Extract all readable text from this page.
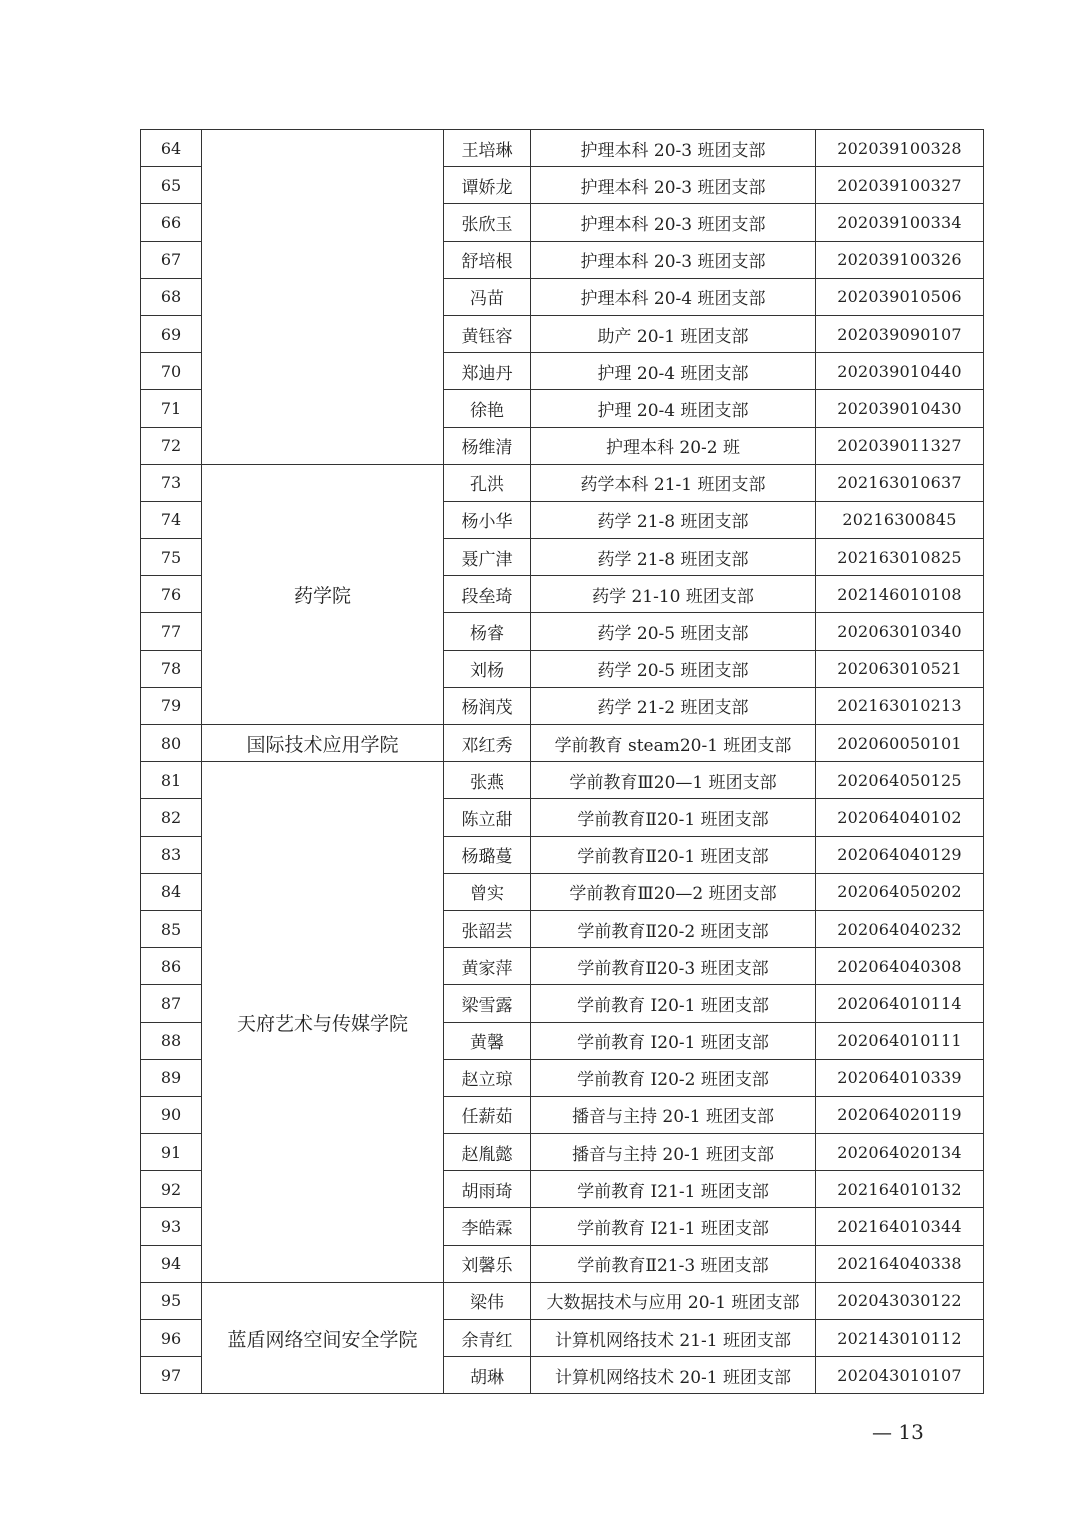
64		王培琳	护理本科 20-3 班团支部	202039100328
65		谭娇龙	护理本科 20-3 班团支部	202039100327
66		张欣玉	护理本科 20-3 班团支部	202039100334
67		舒培根	护理本科 20-3 班团支部	202039100326
68		冯苗	护理本科 20-4 班团支部	202039010506
69		黄钰容	助产 20-1 班团支部	202039090107
70		郑迪丹	护理 20-4 班团支部	202039010440
71		徐艳	护理 20-4 班团支部	202039010430
72		杨维清	护理本科 20-2 班	202039011327
73	药学院	孔洪	药学本科 21-1 班团支部	202163010637
74		杨小华	药学 21-8 班团支部	20216300845
75		聂广津	药学 21-8 班团支部	202163010825
76		段垒琦	药学 21-10 班团支部	202146010108
77		杨睿	药学 20-5 班团支部	202063010340
78		刘杨	药学 20-5 班团支部	202063010521
79		杨润茂	药学 21-2 班团支部	202163010213
80	国际技术应用学院	邓红秀	学前教育 steam20-1 班团支部	202060050101
81	天府艺术与传媒学院	张燕	学前教育Ⅲ20—1 班团支部	202064050125
82		陈立甜	学前教育Ⅱ20-1 班团支部	202064040102
83		杨璐蔓	学前教育Ⅱ20-1 班团支部	202064040129
84		曾实	学前教育Ⅲ20—2 班团支部	202064050202
85		张韶芸	学前教育Ⅱ20-2 班团支部	202064040232
86		黄家萍	学前教育Ⅱ20-3 班团支部	202064040308
87		梁雪露	学前教育 I20-1 班团支部	202064010114
88		黄馨	学前教育 I20-1 班团支部	202064010111
89		赵立琼	学前教育 I20-2 班团支部	202064010339
90		任薪茹	播音与主持 20-1 班团支部	202064020119
91		赵胤懿	播音与主持 20-1 班团支部	202064020134
92		胡雨琦	学前教育 I21-1 班团支部	202164010132
93		李皓霖	学前教育 I21-1 班团支部	202164010344
94		刘馨乐	学前教育Ⅱ21-3 班团支部	202164040338
95	蓝盾网络空间安全学院	梁伟	大数据技术与应用 20-1 班团支部	202043030122
96		余青红	计算机网络技术 21-1 班团支部	202143010112
97		胡琳	计算机网络技术 20-1 班团支部	202043010107
— 13
